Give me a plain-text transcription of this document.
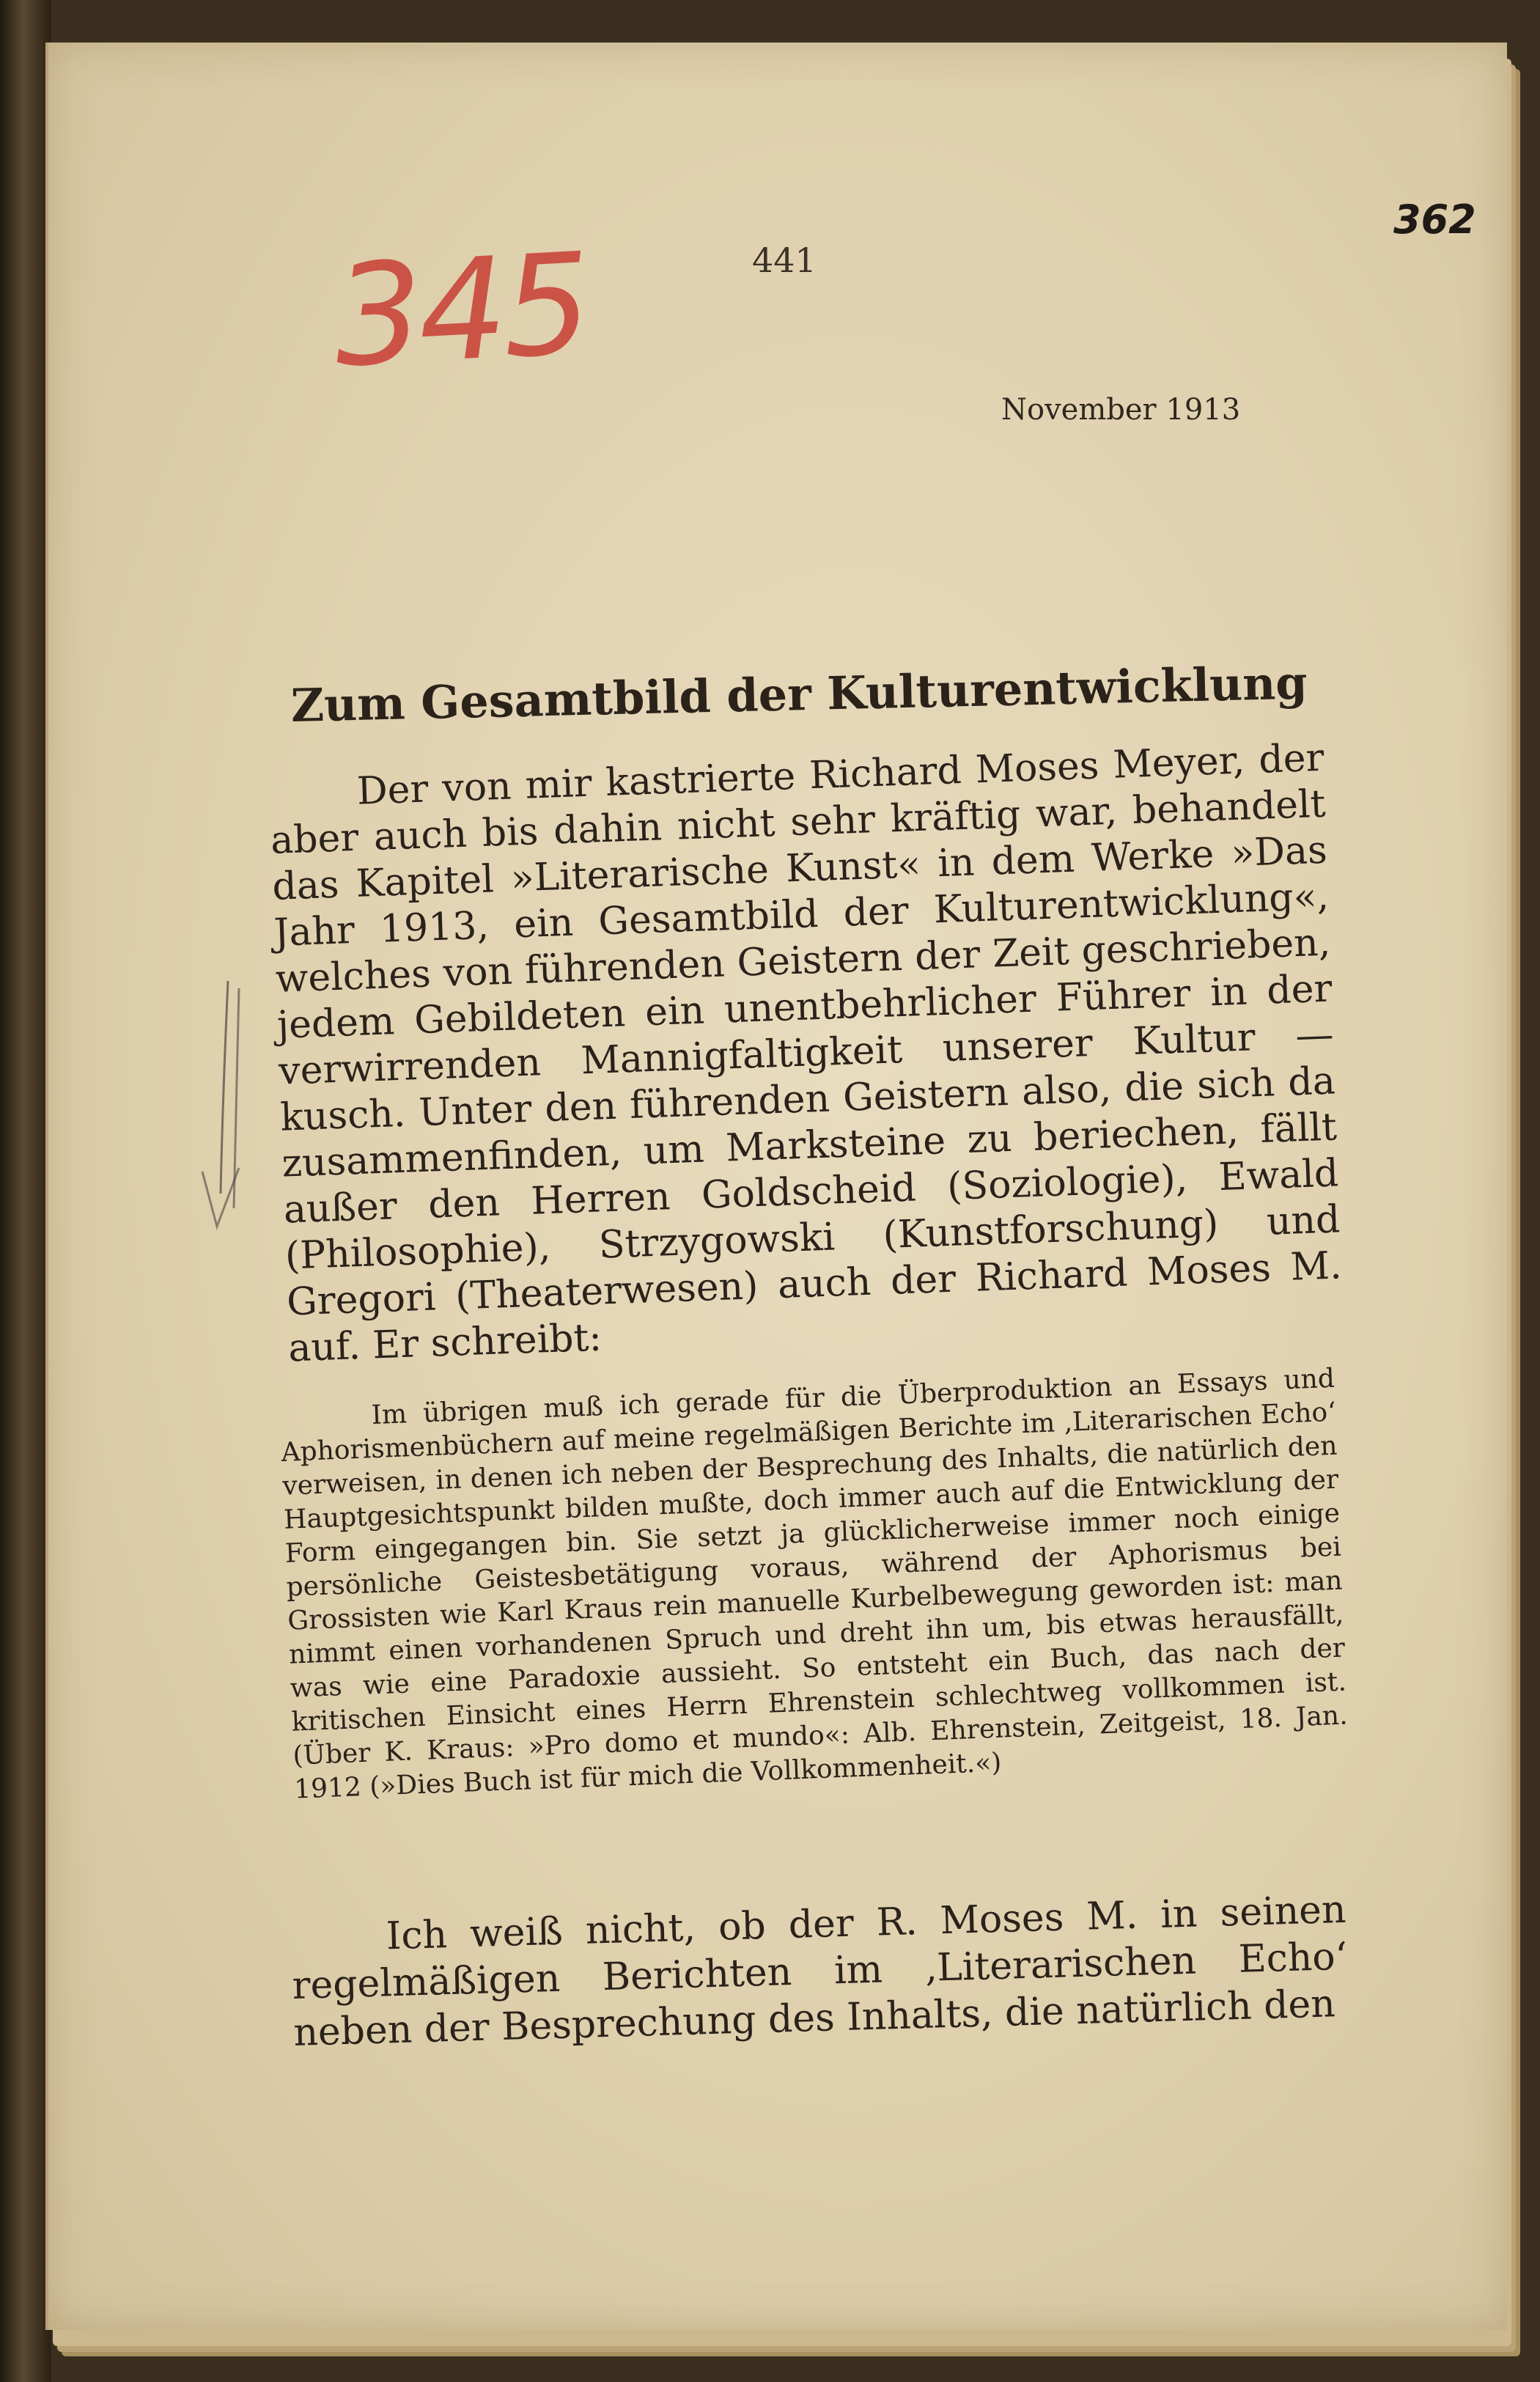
345	441
362
November 1913
Zum Gesamtbild der Kulturentwicklung
Der von mir kastrierte Richard Moses Meyer, der aber auch bis dahin nicht sehr kräftig war, behandelt das Kapitel »Literarische Kunst« in dem Werke »Das Jahr 1913, ein Gesamtbild der Kulturentwicklung«, welches von führenden Geistern der Zeit geschrieben, jedem Gebildeten ein unentbehrlicher Führer in der verwirrenden Mannigfaltigkeit unserer Kultur — kusch. Unter den führenden Geistern also, die sich da zusammenfinden, um Marksteine zu beriechen, fällt außer den Herren Goldscheid (Soziologie), Ewald (Philosophie), Strzygowski (Kunstforschung) und Gregori (Theaterwesen) auch der Richard Moses M. auf. Er schreibt:
Im übrigen muß ich gerade für die Überproduktion an Essays und Aphorismenbüchern auf meine regelmäßigen Berichte im ‚Literarischen Echo‘ verweisen, in denen ich neben der Besprechung des Inhalts, die natürlich den Hauptgesichtspunkt bilden mußte, doch immer auch auf die Entwicklung der Form eingegangen bin. Sie setzt ja glücklicherweise immer noch einige persönliche Geistesbetätigung voraus, während der Aphorismus bei Grossisten wie Karl Kraus rein manuelle Kurbelbewegung geworden ist: man nimmt einen vorhandenen Spruch und dreht ihn um, bis etwas herausfällt, was wie eine Paradoxie aussieht. So entsteht ein Buch, das nach der kritischen Einsicht eines Herrn Ehrenstein schlechtweg vollkommen ist. (Über K. Kraus: »Pro domo et mundo«: Alb. Ehrenstein, Zeitgeist, 18. Jan. 1912 (»Dies Buch ist für mich die Vollkommenheit.«)
Ich weiß nicht, ob der R. Moses M. in seinen regelmäßigen Berichten im ‚Literarischen Echo‘ neben der Besprechung des Inhalts, die natürlich den
